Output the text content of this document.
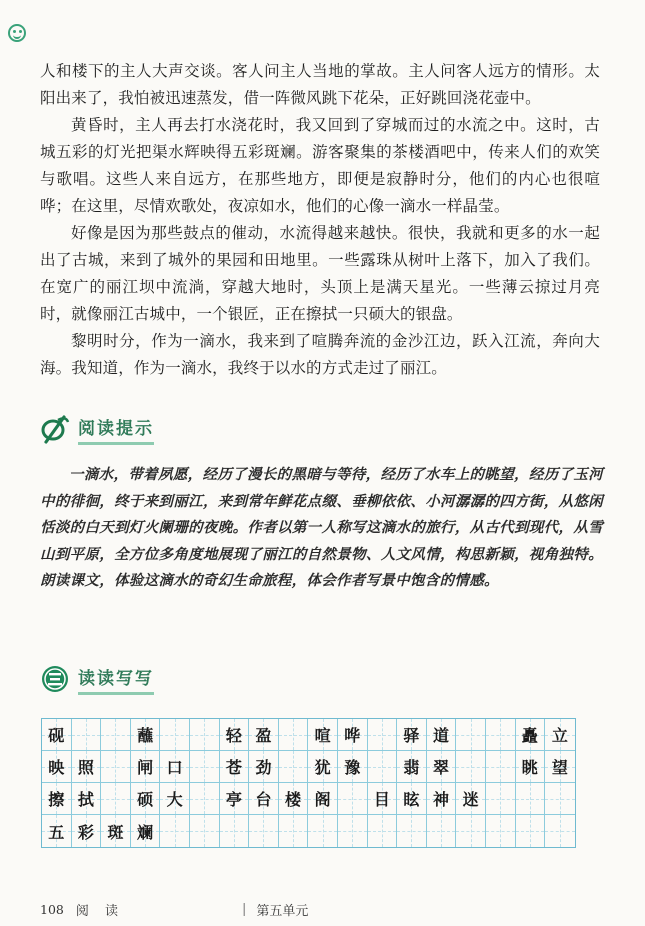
人和楼下的主人大声交谈。客人问主人当地的掌故。主人问客人远方的情形。太阳出来了，我怕被迅速蒸发，借一阵微风跳下花朵，正好跳回浇花壶中。

黄昏时，主人再去打水浇花时，我又回到了穿城而过的水流之中。这时，古城五彩的灯光把渠水辉映得五彩斑斓。游客聚集的茶楼酒吧中，传来人们的欢笑与歌唱。这些人来自远方，在那些地方，即便是寂静时分，他们的内心也很喧哗；在这里，尽情欢歌处，夜凉如水，他们的心像一滴水一样晶莹。

好像是因为那些鼓点的催动，水流得越来越快。很快，我就和更多的水一起出了古城，来到了城外的果园和田地里。一些露珠从树叶上落下，加入了我们。在宽广的丽江坝中流淌，穿越大地时，头顶上是满天星光。一些薄云掠过月亮时，就像丽江古城中，一个银匠，正在擦拭一只硕大的银盘。

黎明时分，作为一滴水，我来到了喧腾奔流的金沙江边，跃入江流，奔向大海。我知道，作为一滴水，我终于以水的方式走过了丽江。

阅读提示

一滴水，带着夙愿，经历了漫长的黑暗与等待，经历了水车上的眺望，经历了玉河中的徘徊，终于来到丽江，来到常年鲜花点缀、垂柳依依、小河潺潺的四方街，从悠闲恬淡的白天到灯火阑珊的夜晚。作者以第一人称写这滴水的旅行，从古代到现代，从雪山到平原，全方位多角度地展现了丽江的自然景物、人文风情，构思新颖，视角独特。朗读课文，体验这滴水的奇幻生命旅程，体会作者写景中饱含的情感。

读读写写
砚	蘸	轻 盈	喧 哗	驿 道	矗 立
映 照	闸 口	苍 劲	犹 豫	翡 翠	眺 望
擦 拭	硕 大	亭 台 楼 阁	目 眩 神 迷
五 彩 斑 斓
108 阅 读	| 第五单元
